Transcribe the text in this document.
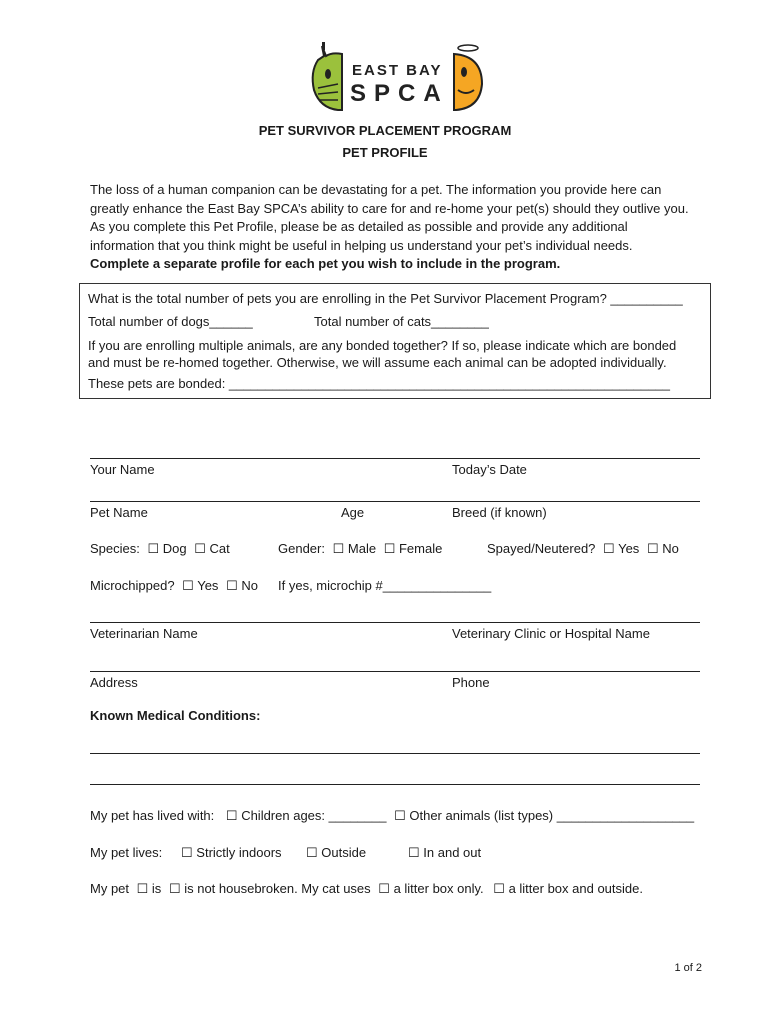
EAST BAY
SPCA
PET SURVIVOR PLACEMENT PROGRAM
PET PROFILE

The loss of a human companion can be devastating for a pet. The information you provide here can

greatly enhance the East Bay SPCA’s ability to care for and re-home your pet(s) should they outlive you.

As you complete this Pet Profile, please be as detailed as possible and provide any additional

information that you think might be useful in helping us understand your pet’s individual needs.

Complete a separate profile for each pet you wish to include in the program.

What is the total number of pets you are enrolling in the Pet Survivor Placement Program? __________
Total number of dogs______	Total number of cats________
If you are enrolling multiple animals, are any bonded together? If so, please indicate which are bonded
and must be re-homed together. Otherwise, we will assume each animal can be adopted individually.
These pets are bonded: _____________________________________________________________
Your Name	Today’s Date
Pet Name	Age	Breed (if known)
Species: ☐ Dog ☐ Cat	Gender: ☐ Male ☐ Female	Spayed/Neutered? ☐ Yes ☐ No
Microchipped? ☐ Yes ☐ No If yes, microchip #_______________
Veterinarian Name	Veterinary Clinic or Hospital Name
Address	Phone
Known Medical Conditions:
My pet has lived with: ☐ Children ages: ________ ☐ Other animals (list types) ___________________
My pet lives: ☐ Strictly indoors ☐ Outside	☐ In and out
My pet ☐ is ☐ is not housebroken. My cat uses ☐ a litter box only. ☐ a litter box and outside.
1 of 2
